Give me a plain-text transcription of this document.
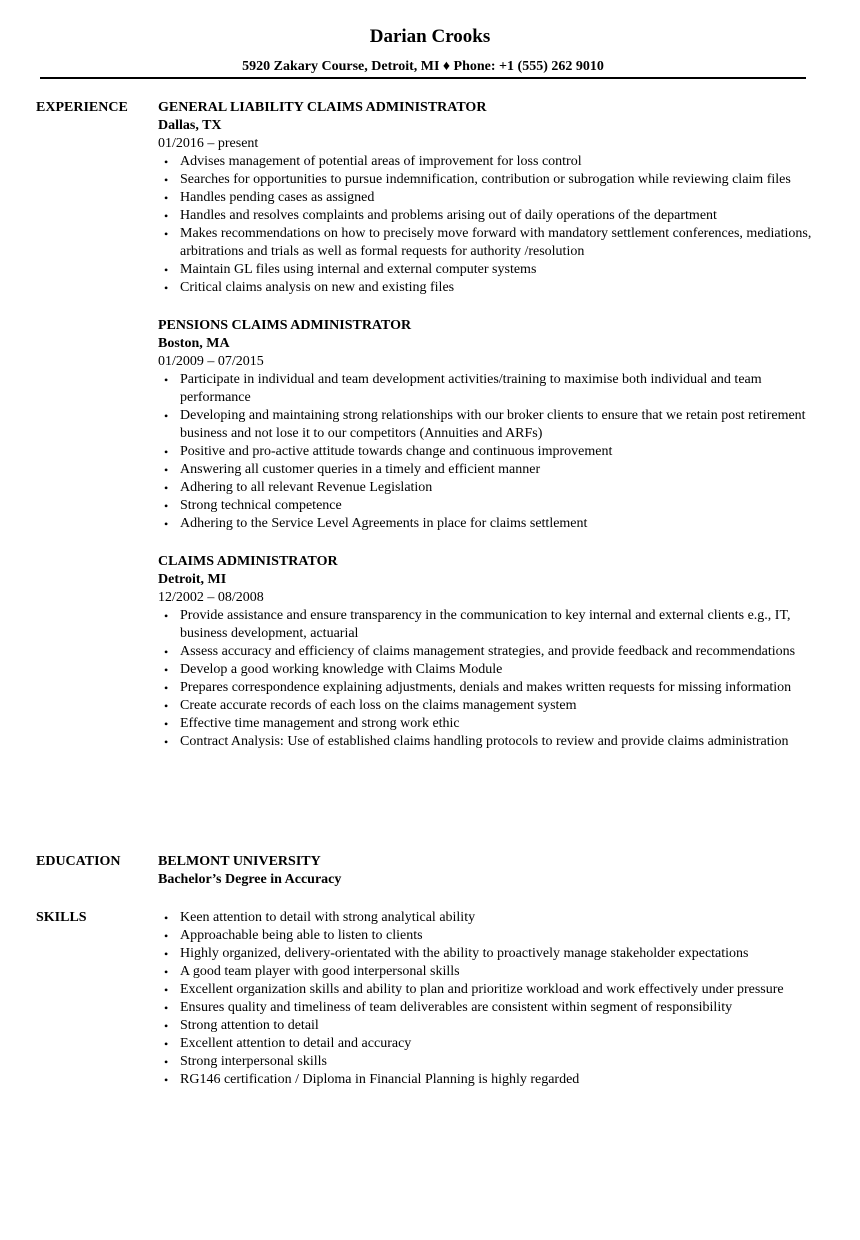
Darian Crooks
5920 Zakary Course, Detroit, MI ♦ Phone: +1 (555) 262 9010
EXPERIENCE GENERAL LIABILITY CLAIMS ADMINISTRATOR
Dallas, TX
01/2016 – present
• Advises management of potential areas of improvement for loss control
• Searches for opportunities to pursue indemnification, contribution or subrogation while reviewing claim files
• Handles pending cases as assigned
• Handles and resolves complaints and problems arising out of daily operations of the department
• Makes recommendations on how to precisely move forward with mandatory settlement conferences, mediations, arbitrations and trials as well as formal requests for authority /resolution
• Maintain GL files using internal and external computer systems
• Critical claims analysis on new and existing files
PENSIONS CLAIMS ADMINISTRATOR
Boston, MA
01/2009 – 07/2015
• Participate in individual and team development activities/training to maximise both individual and team performance
• Developing and maintaining strong relationships with our broker clients to ensure that we retain post retirement business and not lose it to our competitors (Annuities and ARFs)
• Positive and pro-active attitude towards change and continuous improvement
• Answering all customer queries in a timely and efficient manner
• Adhering to all relevant Revenue Legislation
• Strong technical competence
• Adhering to the Service Level Agreements in place for claims settlement
CLAIMS ADMINISTRATOR
Detroit, MI
12/2002 – 08/2008
• Provide assistance and ensure transparency in the communication to key internal and external clients e.g., IT, business development, actuarial
• Assess accuracy and efficiency of claims management strategies, and provide feedback and recommendations
• Develop a good working knowledge with Claims Module
• Prepares correspondence explaining adjustments, denials and makes written requests for missing information
• Create accurate records of each loss on the claims management system
• Effective time management and strong work ethic
• Contract Analysis: Use of established claims handling protocols to review and provide claims administration
EDUCATION	BELMONT UNIVERSITY
Bachelor’s Degree in Accuracy
SKILLS	• Keen attention to detail with strong analytical ability
• Approachable being able to listen to clients
• Highly organized, delivery-orientated with the ability to proactively manage stakeholder expectations
• A good team player with good interpersonal skills
• Excellent organization skills and ability to plan and prioritize workload and work effectively under pressure
• Ensures quality and timeliness of team deliverables are consistent within segment of responsibility
• Strong attention to detail
• Excellent attention to detail and accuracy
• Strong interpersonal skills
• RG146 certification / Diploma in Financial Planning is highly regarded
